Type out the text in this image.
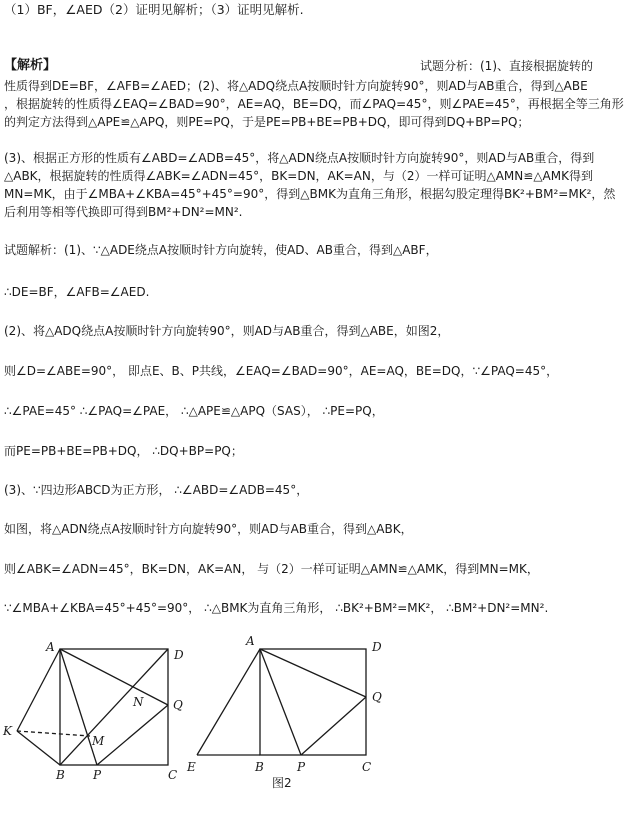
（1）BF，∠AED（2）证明见解析；（3）证明见解析.
【解析】	试题分析：(1)、直接根据旋转的
性质得到DE=BF，∠AFB=∠AED；(2)、将△ADQ绕点A按顺时针方向旋转90°，则AD与AB重合，得到△ABE
，根据旋转的性质得∠EAQ=∠BAD=90°，AE=AQ，BE=DQ，而∠PAQ=45°，则∠PAE=45°，再根据全等三角形
的判定方法得到△APE≌△APQ，则PE=PQ，于是PE=PB+BE=PB+DQ，即可得到DQ+BP=PQ；
(3)、根据正方形的性质有∠ABD=∠ADB=45°，将△ADN绕点A按顺时针方向旋转90°，则AD与AB重合，得到
△ABK，根据旋转的性质得∠ABK=∠ADN=45°，BK=DN，AK=AN，与（2）一样可证明△AMN≌△AMK得到
MN=MK，由于∠MBA+∠KBA=45°+45°=90°，得到△BMK为直角三角形，根据勾股定理得BK²+BM²=MK²，然
后利用等相等代换即可得到BM²+DN²=MN².
试题解析：(1)、∵△ADE绕点A按顺时针方向旋转，使AD、AB重合，得到△ABF，
∴DE=BF，∠AFB=∠AED.
(2)、将△ADQ绕点A按顺时针方向旋转90°，则AD与AB重合，得到△ABE，如图2，
则∠D=∠ABE=90°， 即点E、B、P共线，∠EAQ=∠BAD=90°，AE=AQ，BE=DQ，∵∠PAQ=45°，
∴∠PAE=45° ∴∠PAQ=∠PAE， ∴△APE≌△APQ（SAS）， ∴PE=PQ，
而PE=PB+BE=PB+DQ， ∴DQ+BP=PQ；
(3)、∵四边形ABCD为正方形， ∴∠ABD=∠ADB=45°，
如图，将△ADN绕点A按顺时针方向旋转90°，则AD与AB重合，得到△ABK，
则∠ABK=∠ADN=45°，BK=DN，AK=AN， 与（2）一样可证明△AMN≌△AMK，得到MN=MK，
∵∠MBA+∠KBA=45°+45°=90°， ∴△BMK为直角三角形， ∴BK²+BM²=MK²， ∴BM²+DN²=MN².
A
D
K
M
N Q
B P	C
A	D
Q
E	B	P	C
图2
